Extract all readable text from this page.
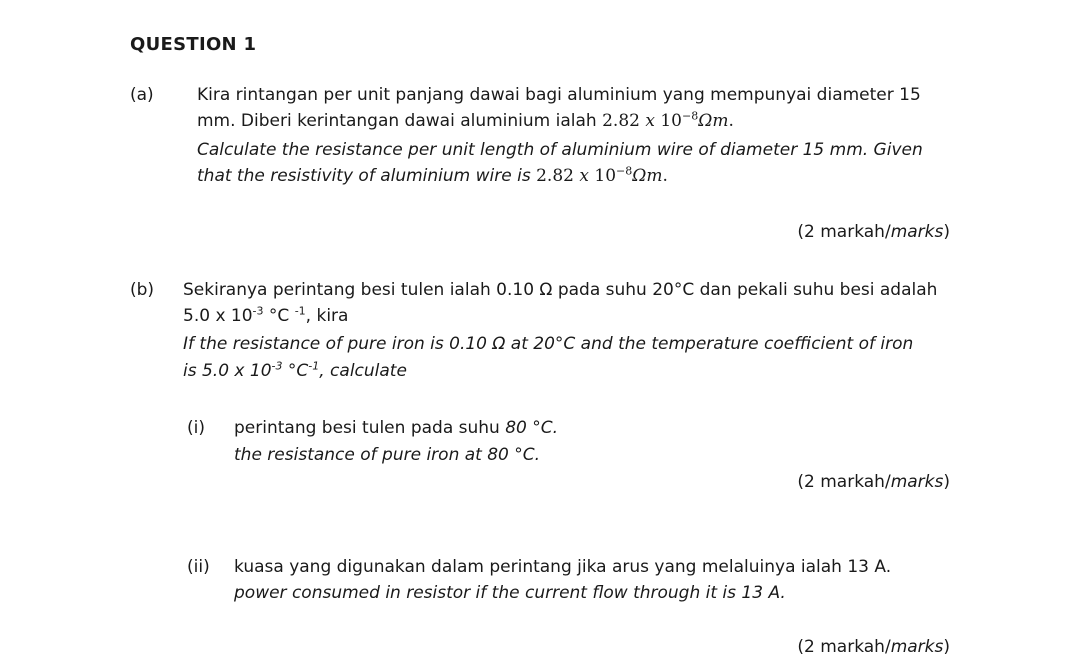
QUESTION 1
(a)	Kira rintangan per unit panjang dawai bagi aluminium yang mempunyai diameter 15
mm. Diberi kerintangan dawai aluminium ialah 2.82 x $10^{-8}\Omega m$.
Calculate the resistance per unit length of aluminium wire of diameter 15 mm. Given
that the resistivity of aluminium wire is 2.82 x $10^{-8}\Omega m$.
(2 markah/marks)
(b) Sekiranya perintang besi tulen ialah 0.10 Ω pada suhu 20°C dan pekali suhu besi adalah
5.0 x $10^{-3}$ °C $^{-1}$, kira
If the resistance of pure iron is 0.10 Ω at 20°C and the temperature coefficient of iron
is 5.0 x $10^{-3}$ $^\circ C^{-1}$, calculate
(i) perintang besi tulen pada suhu 80 °C.
the resistance of pure iron at 80 °C.
(2 markah/marks)
(ii) kuasa yang digunakan dalam perintang jika arus yang melaluinya ialah 13 A.
power consumed in resistor if the current flow through it is 13 A.
(2 markah/marks)
